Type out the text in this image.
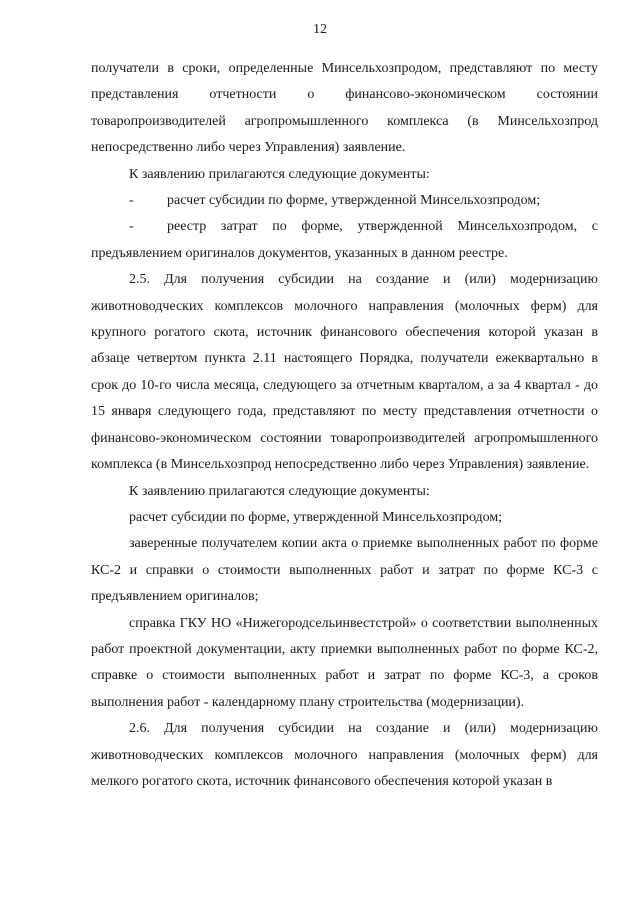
12

получатели в сроки, определенные Минсельхозпродом, представляют по месту представления отчетности о финансово-экономическом состоянии товаропроизводителей агропромышленного комплекса (в Минсельхозпрод непосредственно либо через Управления) заявление.

К заявлению прилагаются следующие документы:

-	расчет субсидии по форме, утвержденной Минсельхозпродом;

- реестр затрат по форме, утвержденной Минсельхозпродом, с предъявлением оригиналов документов, указанных в данном реестре.

2.5. Для получения субсидии на создание и (или) модернизацию животноводческих комплексов молочного направления (молочных ферм) для крупного рогатого скота, источник финансового обеспечения которой указан в абзаце четвертом пункта 2.11 настоящего Порядка, получатели ежеквартально в срок до 10-го числа месяца, следующего за отчетным кварталом, а за 4 квартал - до 15 января следующего года, представляют по месту представления отчетности о финансово-экономическом состоянии товаропроизводителей агропромышленного комплекса (в Минсельхозпрод непосредственно либо через Управления) заявление.

К заявлению прилагаются следующие документы:

расчет субсидии по форме, утвержденной Минсельхозпродом;

заверенные получателем копии акта о приемке выполненных работ по форме КС-2 и справки о стоимости выполненных работ и затрат по форме КС-3 с предъявлением оригиналов;

справка ГКУ НО «Нижегородсельинвестстрой» о соответствии выполненных работ проектной документации, акту приемки выполненных работ по форме КС-2, справке о стоимости выполненных работ и затрат по форме КС-3, а сроков выполнения работ - календарному плану строительства (модернизации).

2.6. Для получения субсидии на создание и (или) модернизацию животноводческих комплексов молочного направления (молочных ферм) для мелкого рогатого скота, источник финансового обеспечения которой указан в
